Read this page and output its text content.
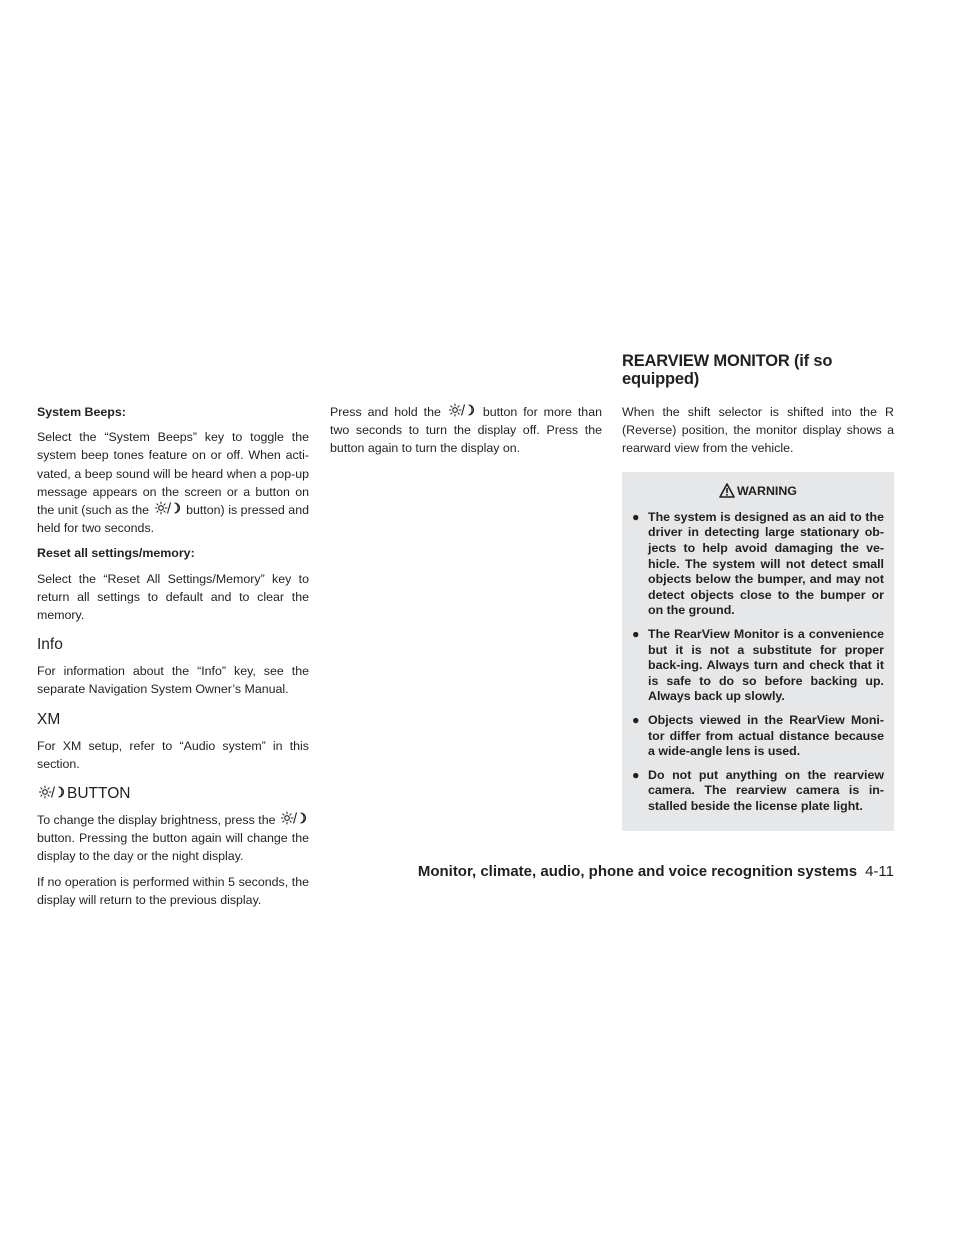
System Beeps:

Select the “System Beeps” key to toggle the system beep tones feature on or off. When acti-vated, a beep sound will be heard when a pop-up message appears on the screen or a button on the unit (such as the	button) is pressed and held for two seconds.

Reset all settings/memory:

Select the “Reset All Settings/Memory” key to return all settings to default and to clear the memory.

Info

For information about the “Info” key, see the separate Navigation System Owner’s Manual.

XM

For XM setup, refer to “Audio system” in this section.

BUTTON

To change the display brightness, press the  button. Pressing the button again will change the display to the day or the night display.

If no operation is performed within 5 seconds, the display will return to the previous display.

Press and hold the	button for more than two seconds to turn the display off. Press the button again to turn the display on.

REARVIEW MONITOR (if so equipped)

When the shift selector is shifted into the R (Reverse) position, the monitor display shows a rearward view from the vehicle.

WARNING
● The system is designed as an aid to the driver in detecting large stationary ob-jects to help avoid damaging the ve-hicle. The system will not detect small objects below the bumper, and may not detect objects close to the bumper or on the ground.
● The RearView Monitor is a convenience but it is not a substitute for proper back-ing. Always turn and check that it is safe to do so before backing up. Always back up slowly.
● Objects viewed in the RearView Moni-tor differ from actual distance because a wide-angle lens is used.
● Do not put anything on the rearview camera. The rearview camera is in-stalled beside the license plate light.
Monitor, climate, audio, phone and voice recognition systems 4-11
